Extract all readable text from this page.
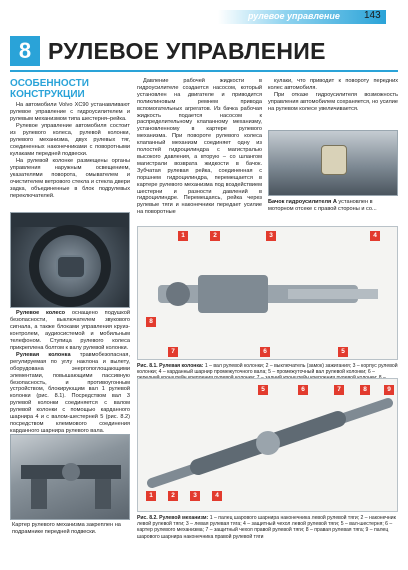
рулевое управление 143
8 РУЛЕВОЕ УПРАВЛЕНИЕ
ОСОБЕННОСТИ КОНСТРУКЦИИ

На автомобили Volvo XC90 устанавливают рулевое управление с гидроусилителем и рулевым механизмом типа шестерня–рейка.

Рулевое управление автомобиля состоит из рулевого колеса, рулевой колонки, рулевого механизма, двух рулевых тяг, соединенных наконечниками с поворотными кулаками передней подвески.

На рулевой колонке размещены органы управления наружным освещением, указателями поворота, омывателем и очистителем ветрового стекла и стекла двери задка, объединенные в блок подрулевых переключателей.

Рулевое колесо оснащено подушкой безопасности, выключателем звукового сигнала, а также блоками управления круиз-контролем, аудиосистемой и мобильным телефоном. Ступица рулевого колеса прикреплена болтом к валу рулевой колонки.

Рулевая колонка травмобезопасная, регулируемая по углу наклона и вылету, оборудована энергопоглощающими элементами, повышающими пассивную безопасность, и противоугонным устройством, блокирующим вал 1 рулевой колонки (рис. 8.1). Посредством вал 3 рулевой колонки соединяется с валом рулевой колонки с помощью карданного шарнира 4 и с валом-шестерней 5 (рис. 8.2) посредством клеммового соединения карданного шарнира рулевого вала.

Картер рулевого механизма закреплен на подрамнике передней подвески.

Давление рабочей жидкости в гидроусилителе создается насосом, который установлен на двигателе и приводится поликлиновым ремнем привода вспомогательных агрегатов. Из бачка рабочая жидкость подается насосом к распределительному клапанному механизму, установленному в картере рулевого механизма. При повороте рулевого колеса клапанный механизм соединяет одну из полостей гидроцилиндра с магистралью высокого давления, а вторую – со шлангом магистрали возврата жидкости в бачок. Зубчатая рулевая рейка, соединенная с поршнем гидроцилиндра, перемещается в картере рулевого механизма под воздействием шестерни и разности давлений в гидроцилиндре. Перемещаясь, рейка через рулевые тяги и наконечники передает усилие на поворотные

кулаки, что приводит к повороту передних колес автомобиля.

При отказе гидроусилителя возможность управления автомобилем сохраняется, но усилие на рулевом колесе увеличивается.

Бачок гидроусилителя А установлен в моторном отсеке с правой стороны и со...
1	2	3	4
5
6
7
8
Рис. 8.1. Рулевая колонка: 1 – вал рулевой колонки; 2 – выключатель (замок) зажигания; 3 – корпус рулевой колонки; 4 – карданный шарнир промежуточного вала; 5 – промежуточный вал рулевой колонки; 6 –
1	2	3	4
5	6	7	8	9
Рис. 8.2. Рулевой механизм: 1 – палец шарового шарнира наконечника левой рулевой тяги; 2 – наконечник левой рулевой тяги; 3 – левая рулевая тяга; 4 – защитный чехол левой рулевой тяги; 5 – вал-шестерня; 6 – картер рулевого механизма; 7 – защитный чехол правой рулевой тяги; 8 – правая рулевая тяга; 9 – палец шарового шарнира наконечника правой рулевой тяги
